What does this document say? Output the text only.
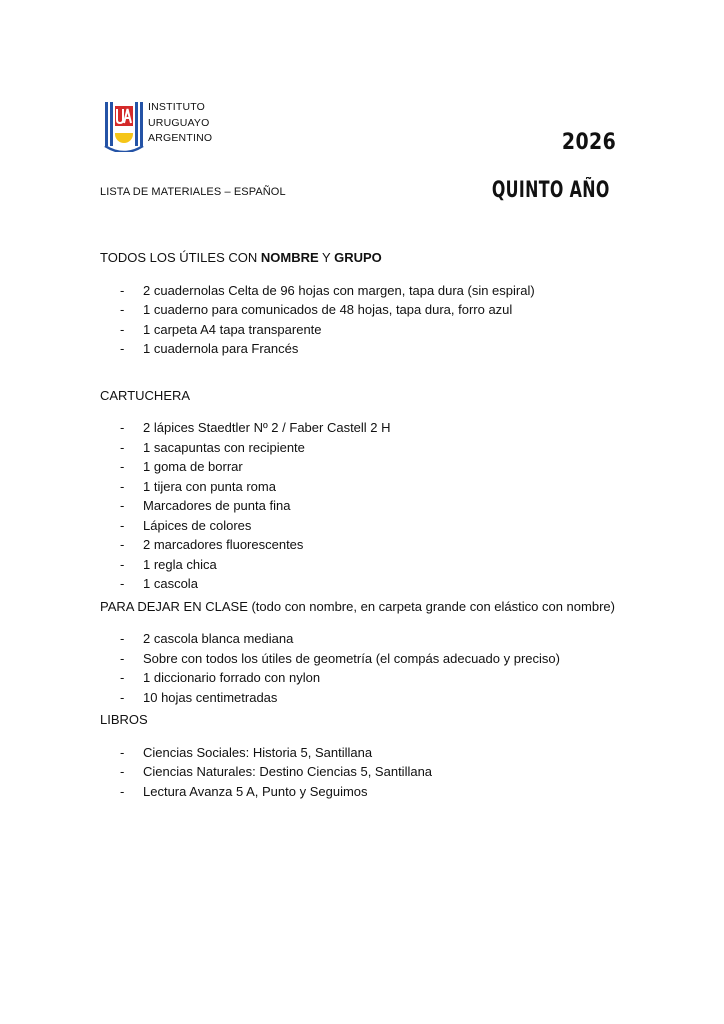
INSTITUTO
URUGUAYO
ARGENTINO	2026
QUINTO AÑO
LISTA DE MATERIALES – ESPAÑOL

TODOS LOS ÚTILES CON NOMBRE Y GRUPO

- 2 cuadernolas Celta de 96 hojas con margen, tapa dura (sin espiral)
- 1 cuaderno para comunicados de 48 hojas, tapa dura, forro azul
- 1 carpeta A4 tapa transparente
- 1 cuadernola para Francés

CARTUCHERA

- 2 lápices Staedtler Nº 2 / Faber Castell 2 H
- 1 sacapuntas con recipiente
- 1 goma de borrar
- 1 tijera con punta roma
- Marcadores de punta fina
- Lápices de colores
- 2 marcadores fluorescentes
- 1 regla chica
- 1 cascola

PARA DEJAR EN CLASE (todo con nombre, en carpeta grande con elástico con nombre)

- 2 cascola blanca mediana
- Sobre con todos los útiles de geometría (el compás adecuado y preciso)
- 1 diccionario forrado con nylon
- 10 hojas centimetradas

LIBROS

- Ciencias Sociales: Historia 5, Santillana
- Ciencias Naturales: Destino Ciencias 5, Santillana
- Lectura Avanza 5 A, Punto y Seguimos
